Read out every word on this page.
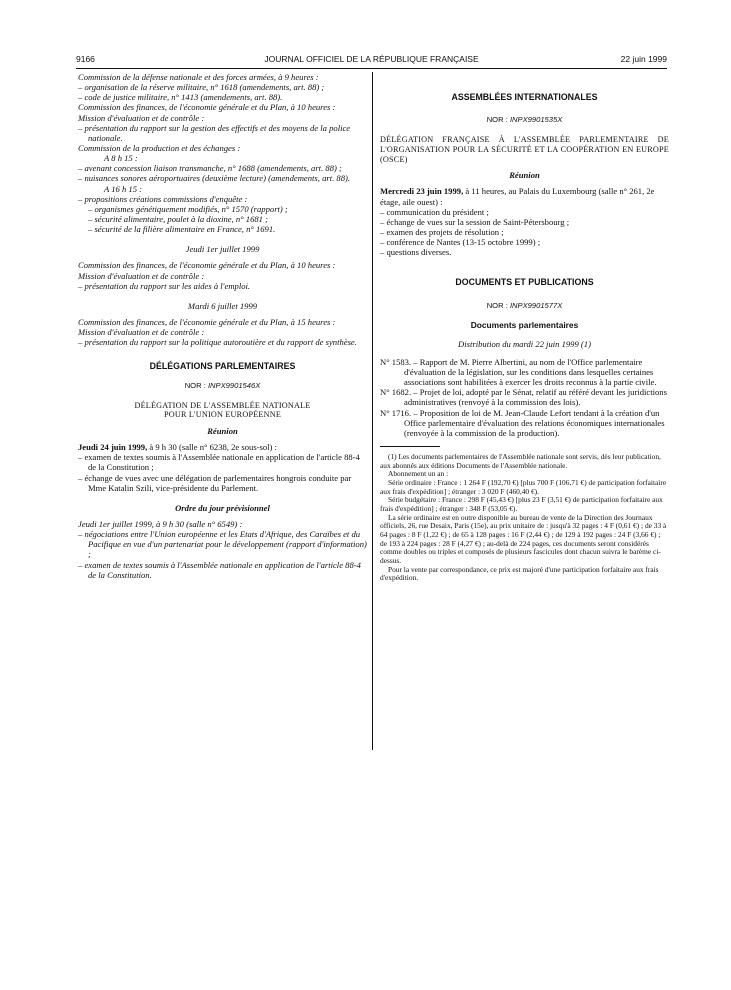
JOURNAL OFFICIEL DE LA RÉPUBLIQUE FRANÇAISE
9166	22 juin 1999

Commission de la défense nationale et des forces armées, à 9 heures :

– organisation de la réserve militaire, n° 1618 (amendements, art. 88) ;

– code de justice militaire, n° 1413 (amendements, art. 88).

Commission des finances, de l'économie générale et du Plan, à 10 heures :

Mission d'évaluation et de contrôle :

– présentation du rapport sur la gestion des effectifs et des moyens de la police nationale.

Commission de la production et des échanges :

A 8 h 15 :

– avenant concession liaison transmanche, n° 1688 (amendements, art. 88) ;

– nuisances sonores aéroportuaires (deuxième lecture) (amendements, art. 88).

A 16 h 15 :

– propositions créations commissions d'enquête :

– organismes génétiquement modifiés, n° 1570 (rapport) ;

– sécurité alimentaire, poulet à la dioxine, n° 1681 ;

– sécurité de la filière alimentaire en France, n° 1691.

Jeudi 1er juillet 1999

Commission des finances, de l'économie générale et du Plan, à 10 heures :

Mission d'évaluation et de contrôle :

– présentation du rapport sur les aides à l'emploi.

Mardi 6 juillet 1999

Commission des finances, de l'économie générale et du Plan, à 15 heures :

Mission d'évaluation et de contrôle :

– présentation du rapport sur la politique autoroutière et du rapport de synthèse.

DÉLÉGATIONS PARLEMENTAIRES

NOR : INPX9901546X

DÉLÉGATION DE L'ASSEMBLÉE NATIONALE

POUR L'UNION EUROPÉENNE

Réunion

Jeudi 24 juin 1999, à 9 h 30 (salle n° 6238, 2e sous-sol) :

– examen de textes soumis à l'Assemblée nationale en application de l'article 88-4 de la Constitution ;

– échange de vues avec une délégation de parlementaires hongrois conduite par Mme Katalin Szili, vice-présidente du Parlement.

Ordre du jour prévisionnel

Jeudi 1er juillet 1999, à 9 h 30 (salle n° 6549) :

– négociations entre l'Union européenne et les Etats d'Afrique, des Caraïbes et du Pacifique en vue d'un partenariat pour le développement (rapport d'information) ;

– examen de textes soumis à l'Assemblée nationale en application de l'article 88-4 de la Constitution.

ASSEMBLÉES INTERNATIONALES

NOR : INPX9901535X

DÉLÉGATION FRANÇAISE À L'ASSEMBLÉE PARLEMENTAIRE DE L'ORGANISATION POUR LA SÉCURITÉ ET LA COOPÉRATION EN EUROPE (OSCE)

Réunion

Mercredi 23 juin 1999, à 11 heures, au Palais du Luxembourg (salle n° 261, 2e étage, aile ouest) :

– communication du président ;

– échange de vues sur la session de Saint-Pétersbourg ;

– examen des projets de résolution ;

– conférence de Nantes (13-15 octobre 1999) ;

– questions diverses.

DOCUMENTS ET PUBLICATIONS

NOR : INPX9901577X

Documents parlementaires

Distribution du mardi 22 juin 1999 (1)

N° 1583. – Rapport de M. Pierre Albertini, au nom de l'Office parlementaire d'évaluation de la législation, sur les conditions dans lesquelles certaines associations sont habilitées à exercer les droits reconnus à la partie civile.

N° 1682. – Projet de loi, adopté par le Sénat, relatif au référé devant les juridictions administratives (renvoyé à la commission des lois).

N° 1716. – Proposition de loi de M. Jean-Claude Lefort tendant à la création d'un Office parlementaire d'évaluation des relations économiques internationales (renvoyée à la commission de la production).

(1) Les documents parlementaires de l'Assemblée nationale sont servis, dès leur publication, aux abonnés aux éditions Documents de l'Assemblée nationale.

Abonnement un an :

Série ordinaire : France : 1 264 F (192,70 €) [plus 700 F (106,71 €) de participation forfaitaire aux frais d'expédition] ; étranger : 3 020 F (460,40 €).

Série budgétaire : France : 298 F (45,43 €) [plus 23 F (3,51 €) de participation forfaitaire aux frais d'expédition] ; étranger : 348 F (53,05 €).

La série ordinaire est en outre disponible au bureau de vente de la Direction des Journaux officiels, 26, rue Desaix, Paris (15e), au prix unitaire de : jusqu'à 32 pages : 4 F (0,61 €) ; de 33 à 64 pages : 8 F (1,22 €) ; de 65 à 128 pages : 16 F (2,44 €) ; de 129 à 192 pages : 24 F (3,66 €) ; de 193 à 224 pages : 28 F (4,27 €) ; au-delà de 224 pages, ces documents seront considérés comme doubles ou triples et composés de plusieurs fascicules dont chacun suivra le barème ci-dessus.

Pour la vente par correspondance, ce prix est majoré d'une participation forfaitaire aux frais d'expédition.
